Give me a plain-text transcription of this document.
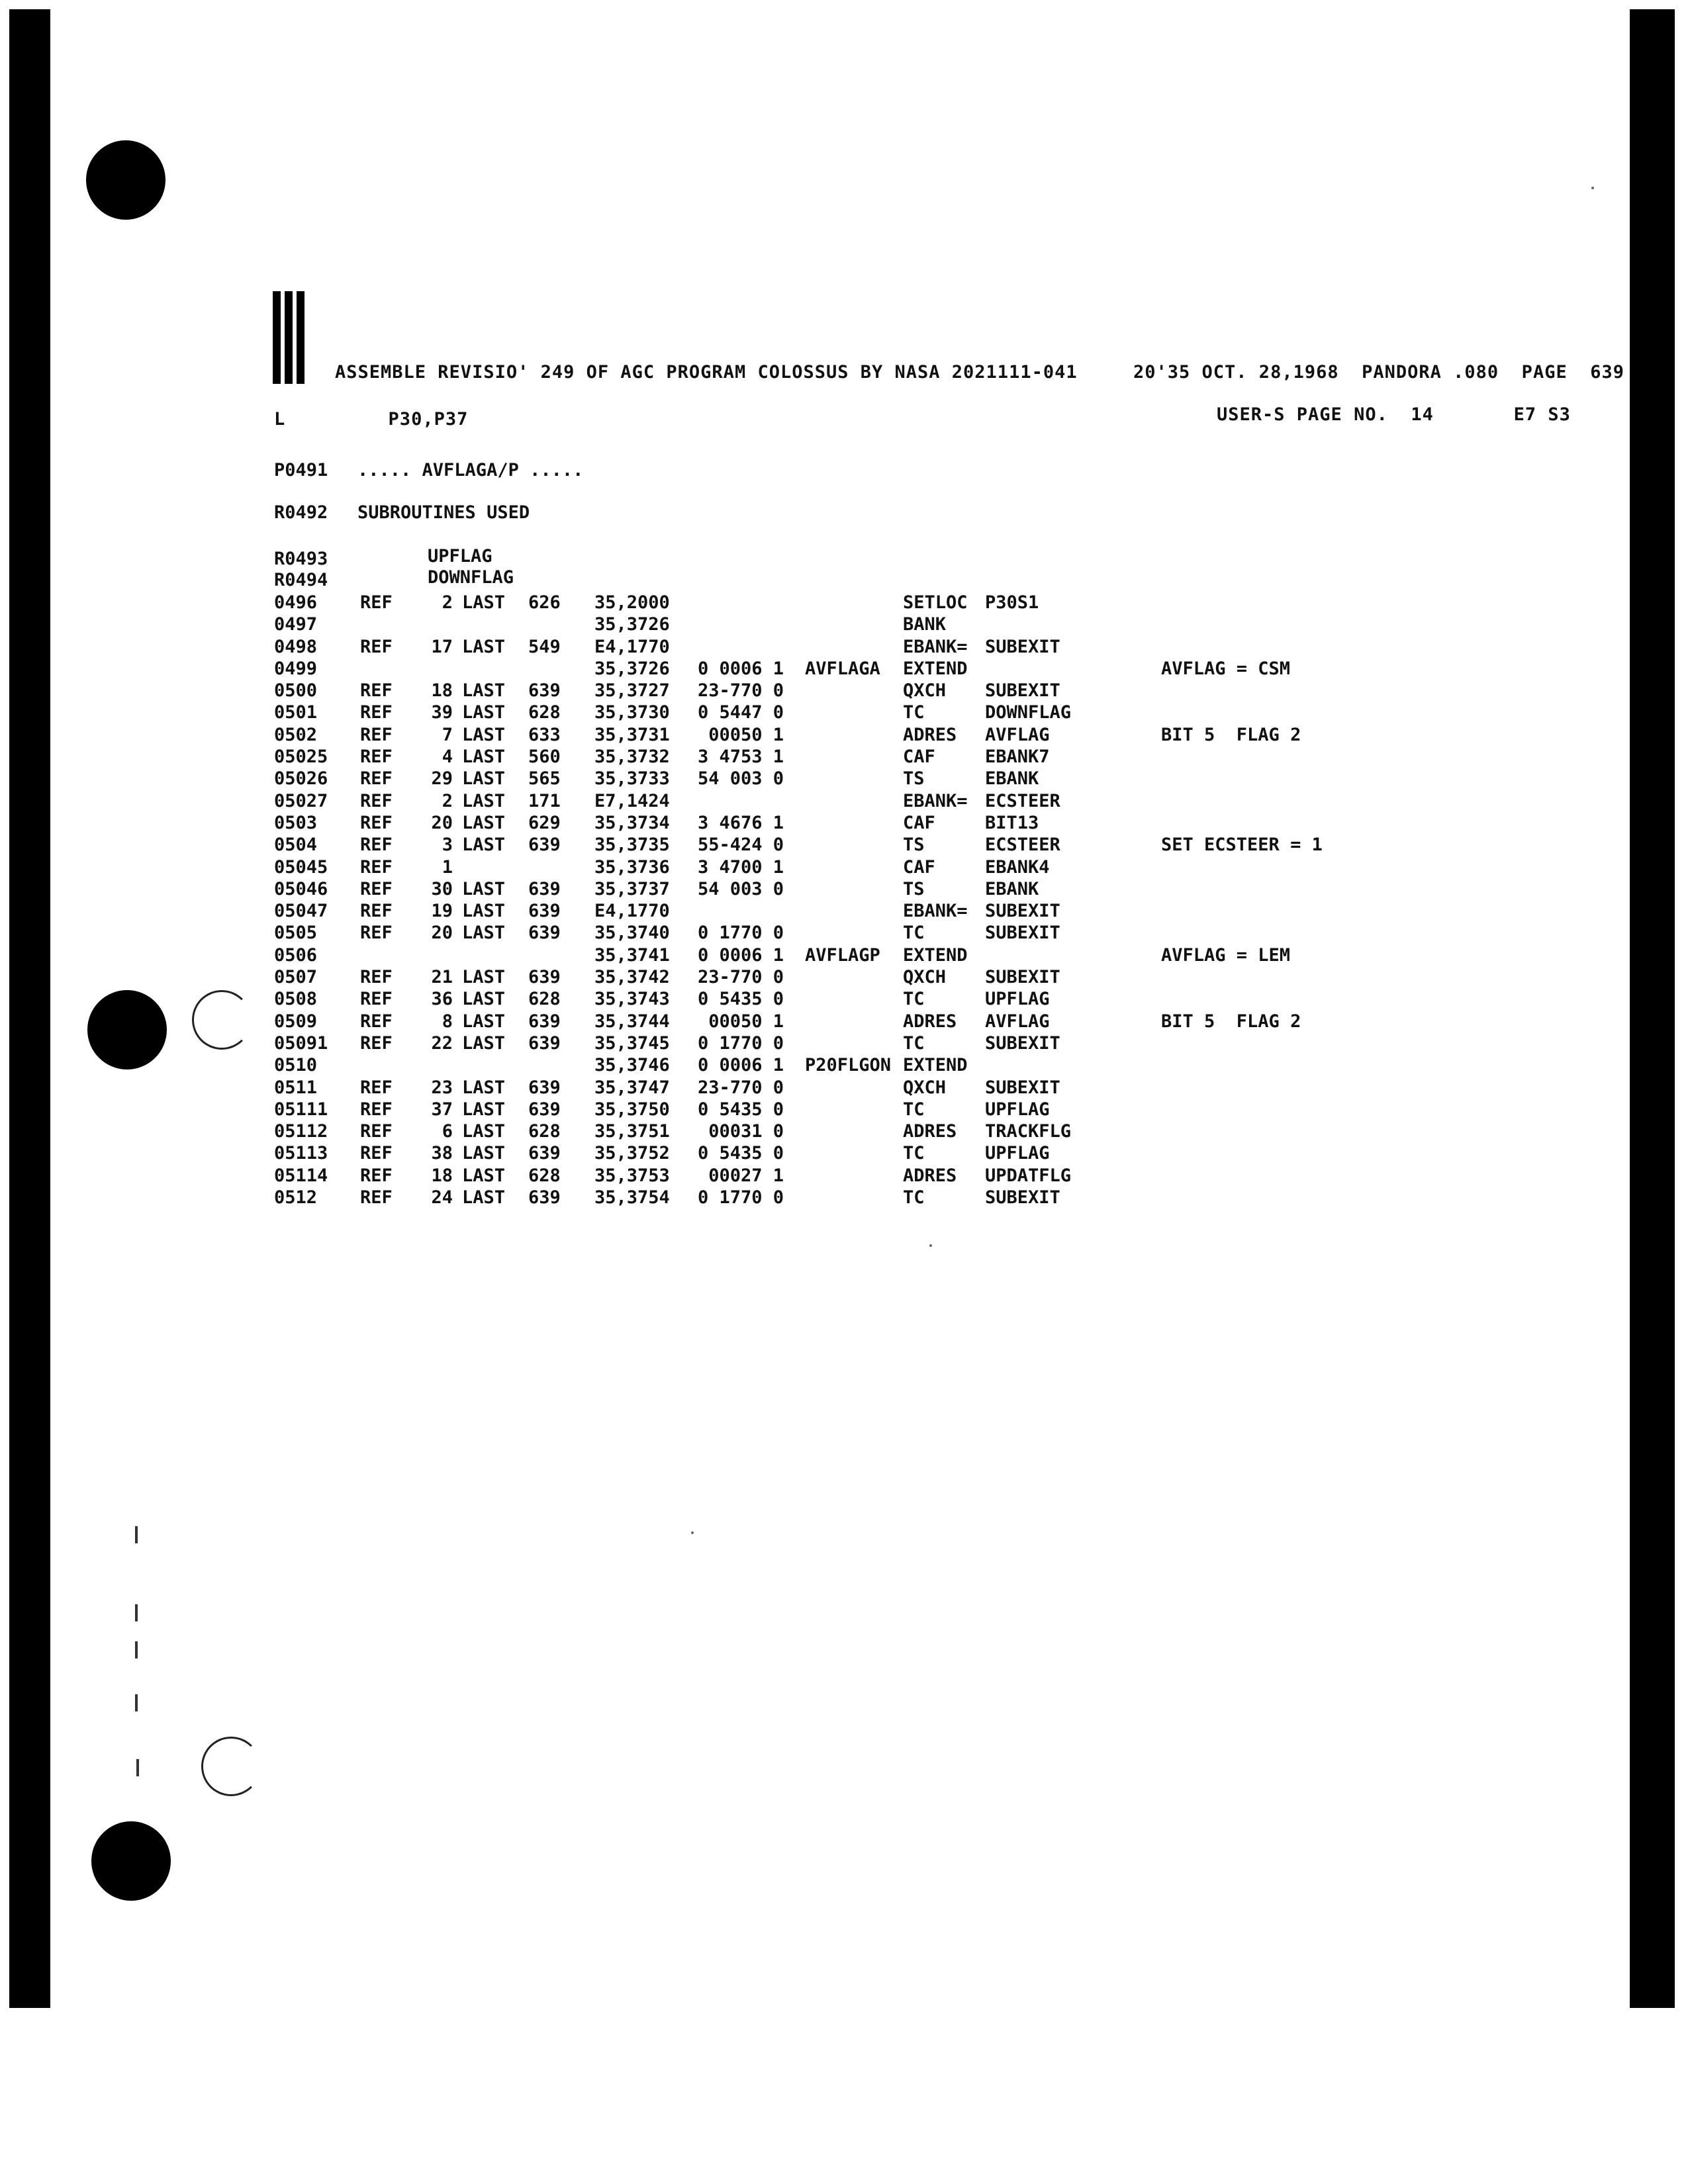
ASSEMBLE REVISIO' 249 OF AGC PROGRAM COLOSSUS BY NASA 2021111-041	20'35 OCT. 28,1968  PANDORA .080  PAGE  639
L         P30,P37	USER-S PAGE NO.  14       E7 S3
P0491 ..... AVFLAGA/P .....
R0492 SUBROUTINES USED
R0493	UPFLAG
R0494	DOWNFLAG
0496 REF	2 LAST 626 35,2000	SETLOC P30S1
0497	35,3726	BANK
0498 REF	17 LAST 549 E4,1770	EBANK= SUBEXIT
0499	35,3726 0 0006 1 AVFLAGA EXTEND	AVFLAG = CSM
0500 REF	18 LAST 639 35,3727 23-770 0	QXCH SUBEXIT
0501 REF	39 LAST 628 35,3730 0 5447 0	TC	DOWNFLAG
0502 REF	7 LAST 633 35,3731 00050 1	ADRES AVFLAG	BIT 5  FLAG 2
05025 REF	4 LAST 560 35,3732 3 4753 1	CAF	EBANK7
05026 REF	29 LAST 565 35,3733 54 003 0	TS	EBANK
05027 REF	2 LAST 171 E7,1424	EBANK= ECSTEER
0503 REF	20 LAST 629 35,3734 3 4676 1	CAF	BIT13
0504 REF	3 LAST 639 35,3735 55-424 0	TS	ECSTEER	SET ECSTEER = 1
05045 REF	1	35,3736 3 4700 1	CAF	EBANK4
05046 REF	30 LAST 639 35,3737 54 003 0	TS	EBANK
05047 REF	19 LAST 639 E4,1770	EBANK= SUBEXIT
0505 REF	20 LAST 639 35,3740 0 1770 0	TC	SUBEXIT
0506	35,3741 0 0006 1 AVFLAGP EXTEND	AVFLAG = LEM
0507 REF	21 LAST 639 35,3742 23-770 0	QXCH SUBEXIT
0508 REF	36 LAST 628 35,3743 0 5435 0	TC	UPFLAG
0509 REF	8 LAST 639 35,3744 00050 1	ADRES AVFLAG	BIT 5  FLAG 2
05091 REF	22 LAST 639 35,3745 0 1770 0	TC	SUBEXIT
0510	35,3746 0 0006 1 P20FLGON EXTEND
0511 REF	23 LAST 639 35,3747 23-770 0	QXCH SUBEXIT
05111 REF	37 LAST 639 35,3750 0 5435 0	TC	UPFLAG
05112 REF	6 LAST 628 35,3751 00031 0	ADRES TRACKFLG
05113 REF	38 LAST 639 35,3752 0 5435 0	TC	UPFLAG
05114 REF	18 LAST 628 35,3753 00027 1	ADRES UPDATFLG
0512 REF	24 LAST 639 35,3754 0 1770 0	TC	SUBEXIT
